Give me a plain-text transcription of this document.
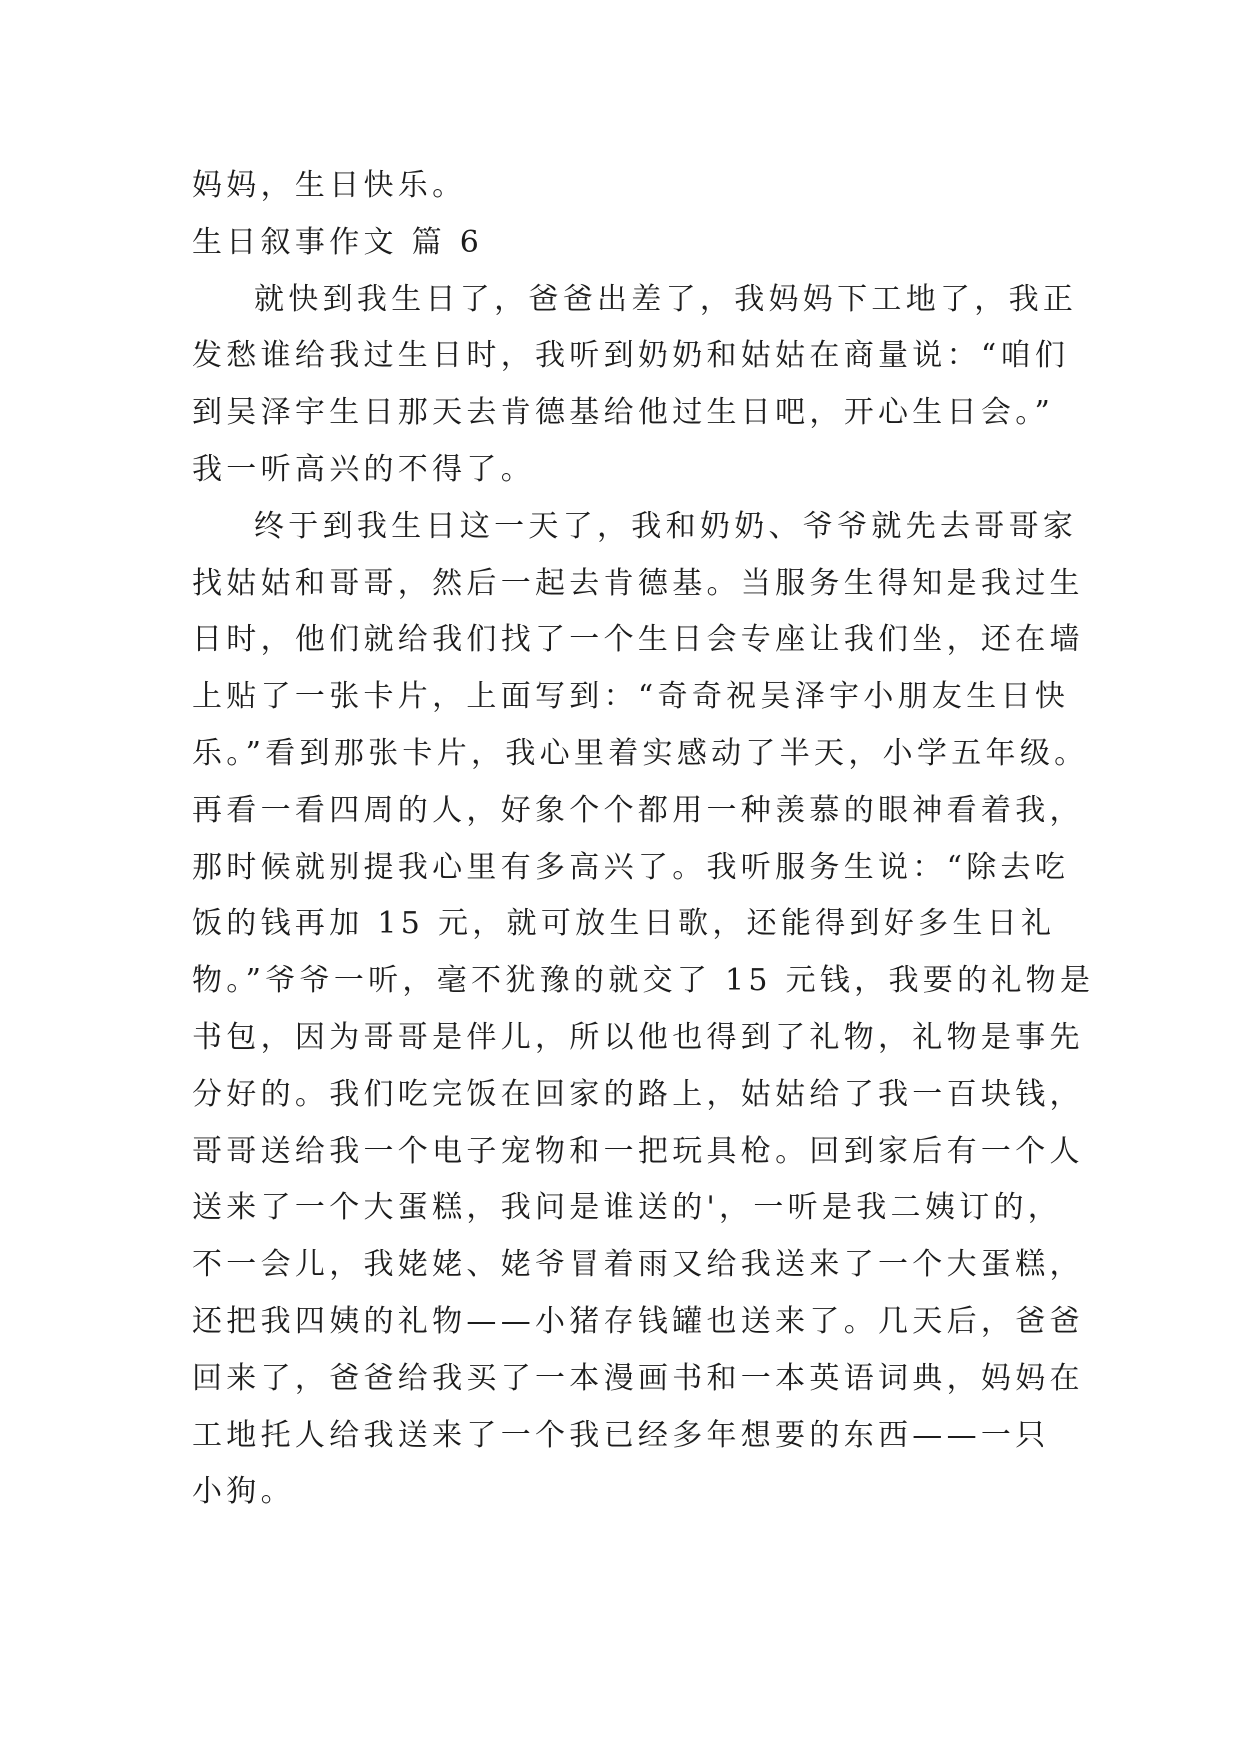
妈妈，生日快乐。

生日叙事作文 篇 6

就快到我生日了，爸爸出差了，我妈妈下工地了，我正
发愁谁给我过生日时，我听到奶奶和姑姑在商量说：“咱们
到吴泽宇生日那天去肯德基给他过生日吧，开心生日会。”
我一听高兴的不得了。

终于到我生日这一天了，我和奶奶、爷爷就先去哥哥家
找姑姑和哥哥，然后一起去肯德基。当服务生得知是我过生
日时，他们就给我们找了一个生日会专座让我们坐，还在墙
上贴了一张卡片，上面写到：“奇奇祝吴泽宇小朋友生日快
乐。”看到那张卡片，我心里着实感动了半天，小学五年级。
再看一看四周的人，好象个个都用一种羡慕的眼神看着我，
那时候就别提我心里有多高兴了。我听服务生说：“除去吃
饭的钱再加 15 元，就可放生日歌，还能得到好多生日礼
物。”爷爷一听，毫不犹豫的就交了 15 元钱，我要的礼物是
书包，因为哥哥是伴儿，所以他也得到了礼物，礼物是事先
分好的。我们吃完饭在回家的路上，姑姑给了我一百块钱，
哥哥送给我一个电子宠物和一把玩具枪。回到家后有一个人
送来了一个大蛋糕，我问是谁送的'，一听是我二姨订的，
不一会儿，我姥姥、姥爷冒着雨又给我送来了一个大蛋糕，
还把我四姨的礼物——小猪存钱罐也送来了。几天后，爸爸
回来了，爸爸给我买了一本漫画书和一本英语词典，妈妈在
工地托人给我送来了一个我已经多年想要的东西——一只
小狗。
